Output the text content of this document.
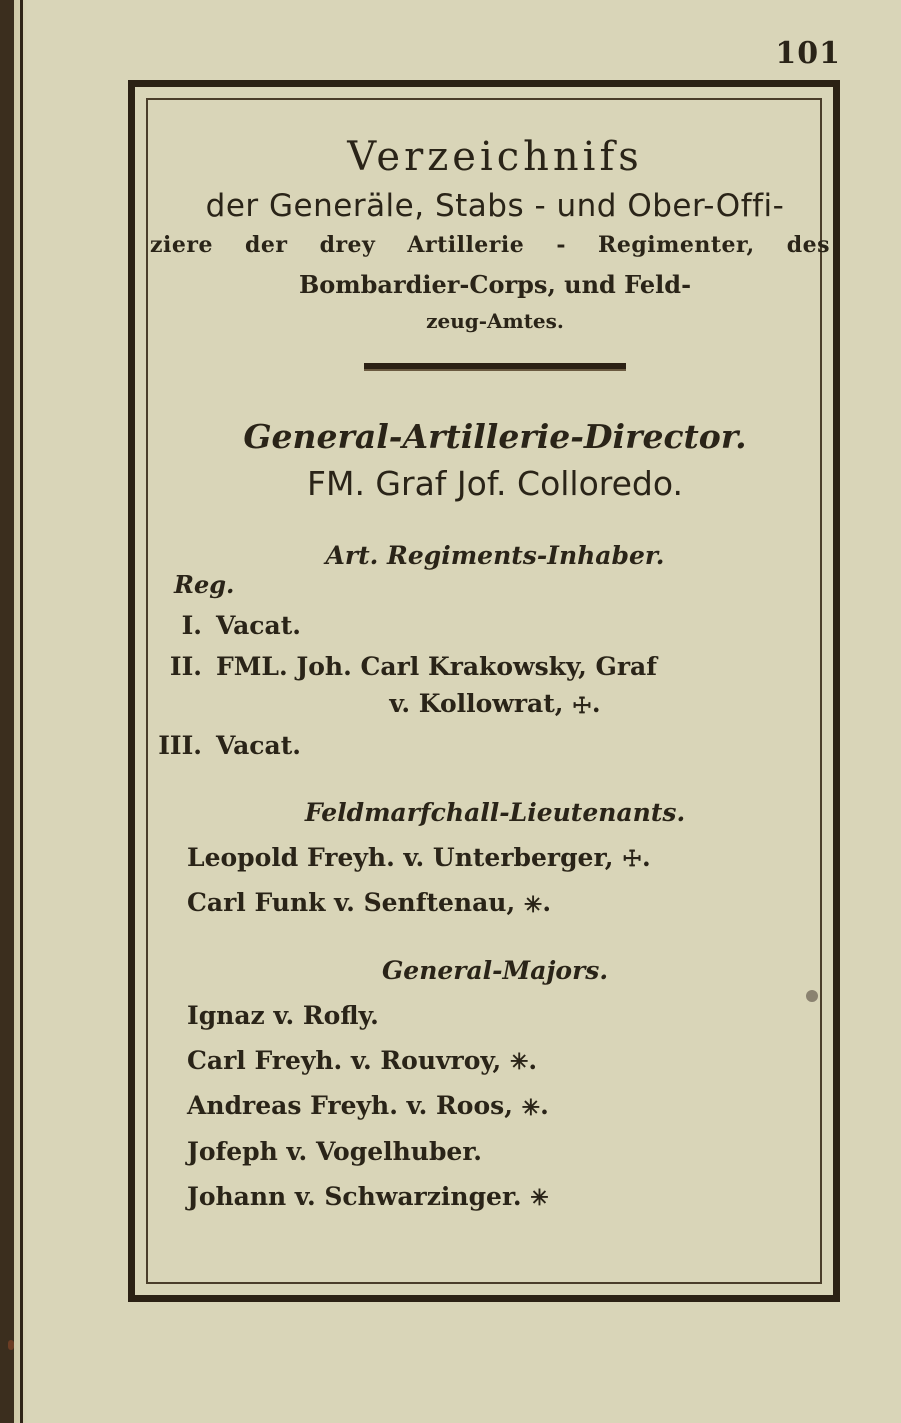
101
Verzeichnifs
der Generäle, Stabs - und Ober-Offi-
ziere der drey Artillerie - Regimenter, des
Bombardier-Corps, und Feld-
zeug-Amtes.
General-Artillerie-Director.
FM. Graf Jof. Colloredo.
Art. Regiments-Inhaber.
Reg.
I. Vacat.
II. FML. Joh. Carl Krakowsky, Graf
v. Kollowrat, ☩.
III. Vacat.
Feldmarfchall-Lieutenants.
Leopold Freyh. v. Unterberger, ☩.
Carl Funk v. Senftenau, ✳.
General-Majors.
Ignaz v. Rofly.
Carl Freyh. v. Rouvroy, ✳.
Andreas Freyh. v. Roos, ✳.
Jofeph v. Vogelhuber.
Johann v. Schwarzinger. ✳
